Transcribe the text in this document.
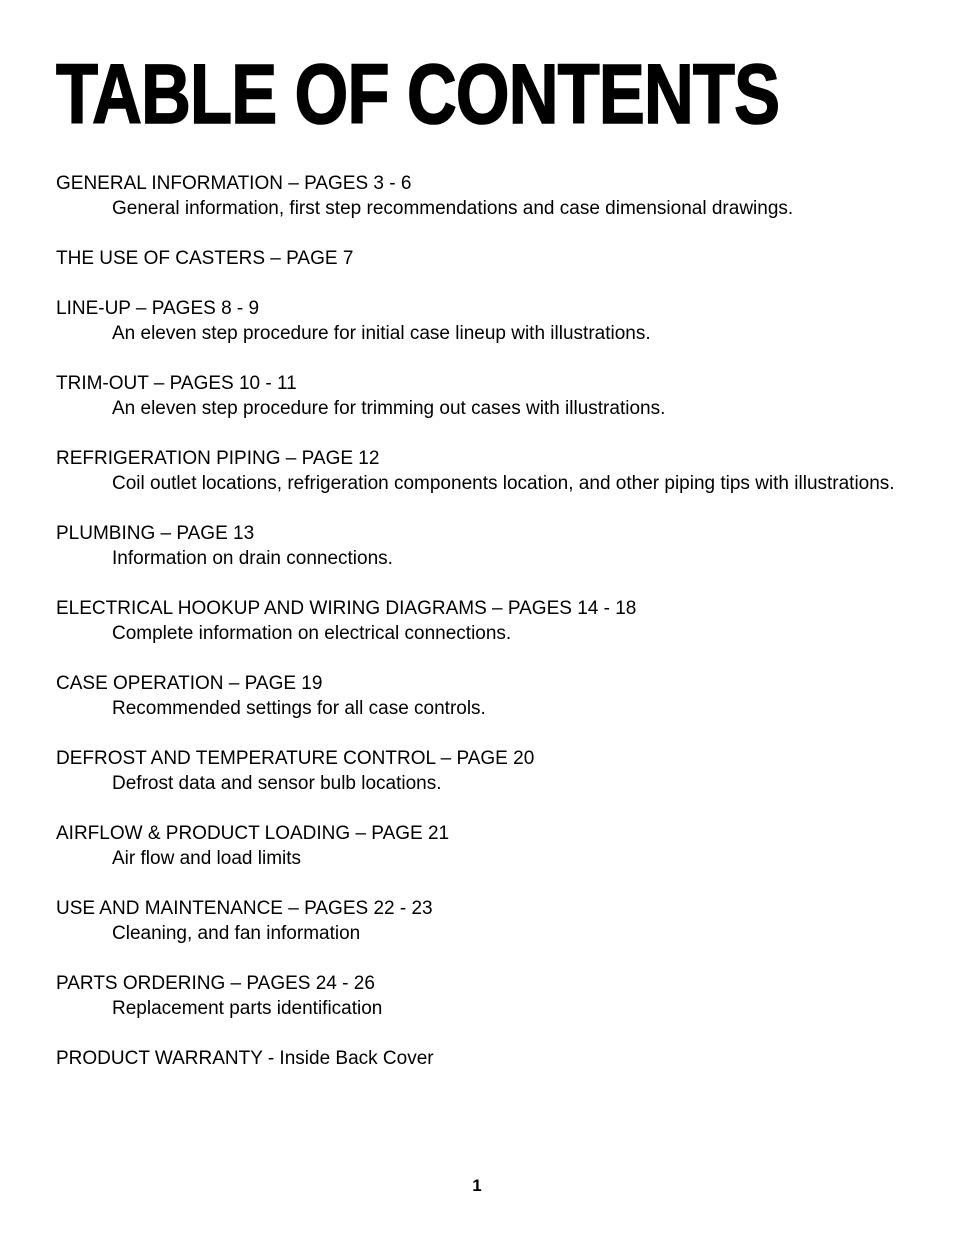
TABLE OF CONTENTS
GENERAL INFORMATION – PAGES 3 - 6
General information, first step recommendations and case dimensional drawings.
THE USE OF CASTERS – PAGE 7
LINE-UP – PAGES 8 - 9
An eleven step procedure for initial case lineup with illustrations.
TRIM-OUT – PAGES 10 - 11
An eleven step procedure for trimming out cases with illustrations.
REFRIGERATION PIPING – PAGE 12
Coil outlet locations, refrigeration components location, and other piping tips with illustrations.
PLUMBING – PAGE 13
Information on drain connections.
ELECTRICAL HOOKUP AND WIRING DIAGRAMS – PAGES 14 - 18
Complete information on electrical connections.
CASE OPERATION – PAGE 19
Recommended settings for all case controls.
DEFROST AND TEMPERATURE CONTROL – PAGE 20
Defrost data and sensor bulb locations.
AIRFLOW & PRODUCT LOADING – PAGE 21
Air flow and load limits
USE AND MAINTENANCE – PAGES 22 - 23
Cleaning, and fan information
PARTS ORDERING – PAGES 24 - 26
Replacement parts identification
PRODUCT WARRANTY - Inside Back Cover
1
